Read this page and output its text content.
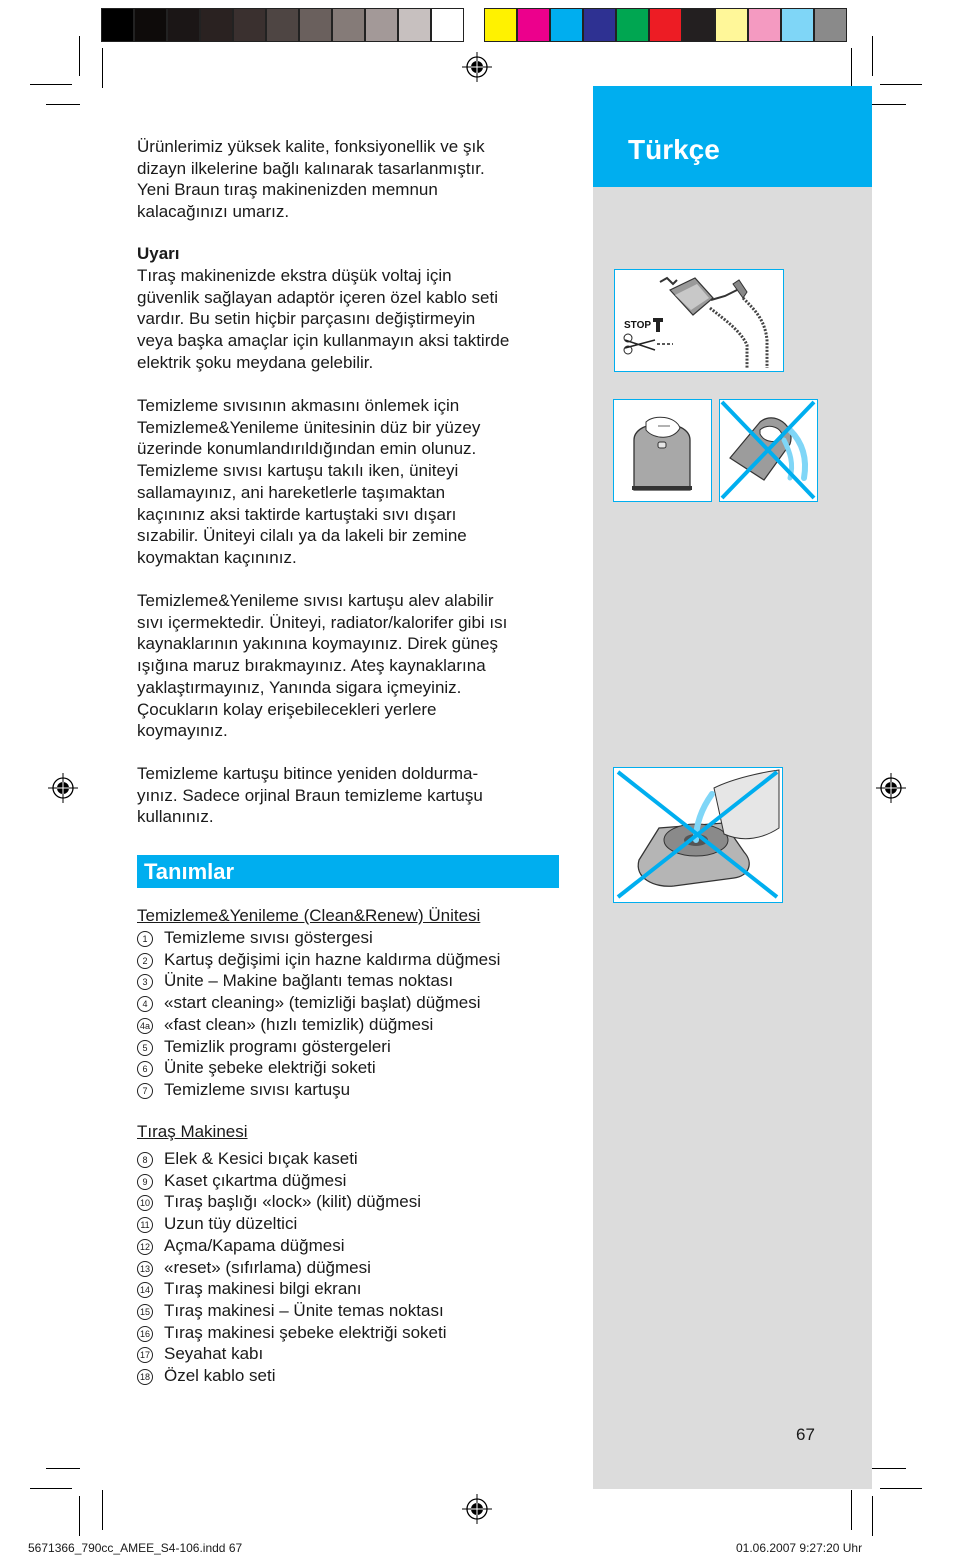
Türkçe
STOP

Ürünlerimiz yüksek kalite, fonksiyonellik ve şık

dizayn ilkelerine bağlı kalınarak tasarlanmıştır.

Yeni Braun tıraş makinenizden memnun

kalacağınızı umarız.

Uyarı

Tıraş makinenizde ekstra düşük voltaj için

güvenlik sağlayan adaptör içeren özel kablo seti

vardır. Bu setin hiçbir parçasını değiştirmeyin

veya başka amaçlar için kullanmayın aksi taktirde

elektrik şoku meydana gelebilir.

Temizleme sıvısının akmasını önlemek için

Temizleme&Yenileme ünitesinin düz bir yüzey

üzerinde konumlandırıldığından emin olunuz.

Temizleme sıvısı kartuşu takılı iken, üniteyi

sallamayınız, ani hareketlerle taşımaktan

kaçınınız aksi taktirde kartuştaki sıvı dışarı

sızabilir. Üniteyi cilalı ya da lakeli bir zemine

koymaktan kaçınınız.

Temizleme&Yenileme sıvısı kartuşu alev alabilir

sıvı içermektedir. Üniteyi, radiator/kalorifer gibi ısı

kaynaklarının yakınına koymayınız. Direk güneş

ışığına maruz bırakmayınız. Ateş kaynaklarına

yaklaştırmayınız, Yanında sigara içmeyiniz.

Çocukların kolay erişebilecekleri yerlere

koymayınız.

Temizleme kartuşu bitince yeniden doldurma-

yınız. Sadece orjinal Braun temizleme kartuşu

kullanınız.

Tanımlar
Temizleme&Yenileme (Clean&Renew) Ünitesi
1 Temizleme sıvısı göstergesi
2 Kartuş değişimi için hazne kaldırma düğmesi
3 Ünite – Makine bağlantı temas noktası
4 «start cleaning» (temizliği başlat) düğmesi
4a «fast clean» (hızlı temizlik) düğmesi
5 Temizlik programı göstergeleri
6 Ünite şebeke elektriği soketi
7 Temizleme sıvısı kartuşu
Tıraş Makinesi
8 Elek & Kesici bıçak kaseti
9 Kaset çıkartma düğmesi
10 Tıraş başlığı «lock» (kilit) düğmesi
11 Uzun tüy düzeltici
12 Açma/Kapama düğmesi
13 «reset» (sıfırlama) düğmesi
14 Tıraş makinesi bilgi ekranı
15 Tıraş makinesi – Ünite temas noktası
16 Tıraş makinesi şebeke elektriği soketi
17 Seyahat kabı
18 Özel kablo seti
67
5671366_790cc_AMEE_S4-106.indd 67	01.06.2007 9:27:20 Uhr
